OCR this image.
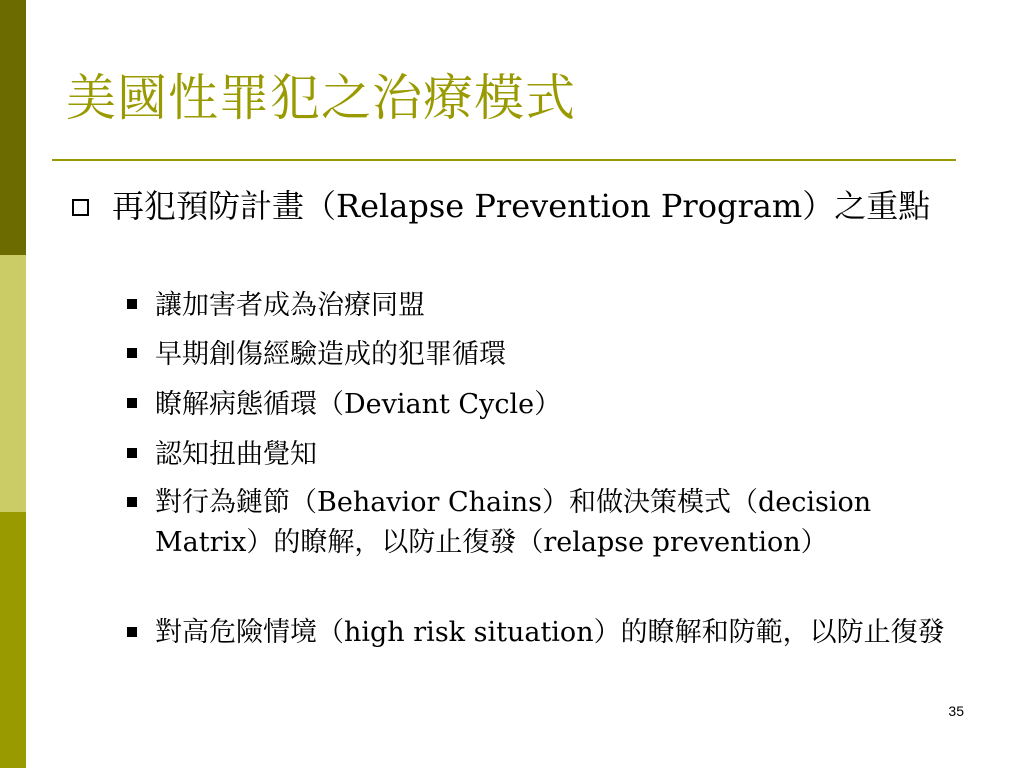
美國性罪犯之治療模式
再犯預防計畫（Relapse Prevention Program）之重點
讓加害者成為治療同盟
早期創傷經驗造成的犯罪循環
瞭解病態循環（Deviant Cycle）
認知扭曲覺知
對行為鏈節（Behavior Chains）和做決策模式（decision Matrix）的瞭解，以防止復發（relapse prevention）
對高危險情境（high risk situation）的瞭解和防範，以防止復發
35
